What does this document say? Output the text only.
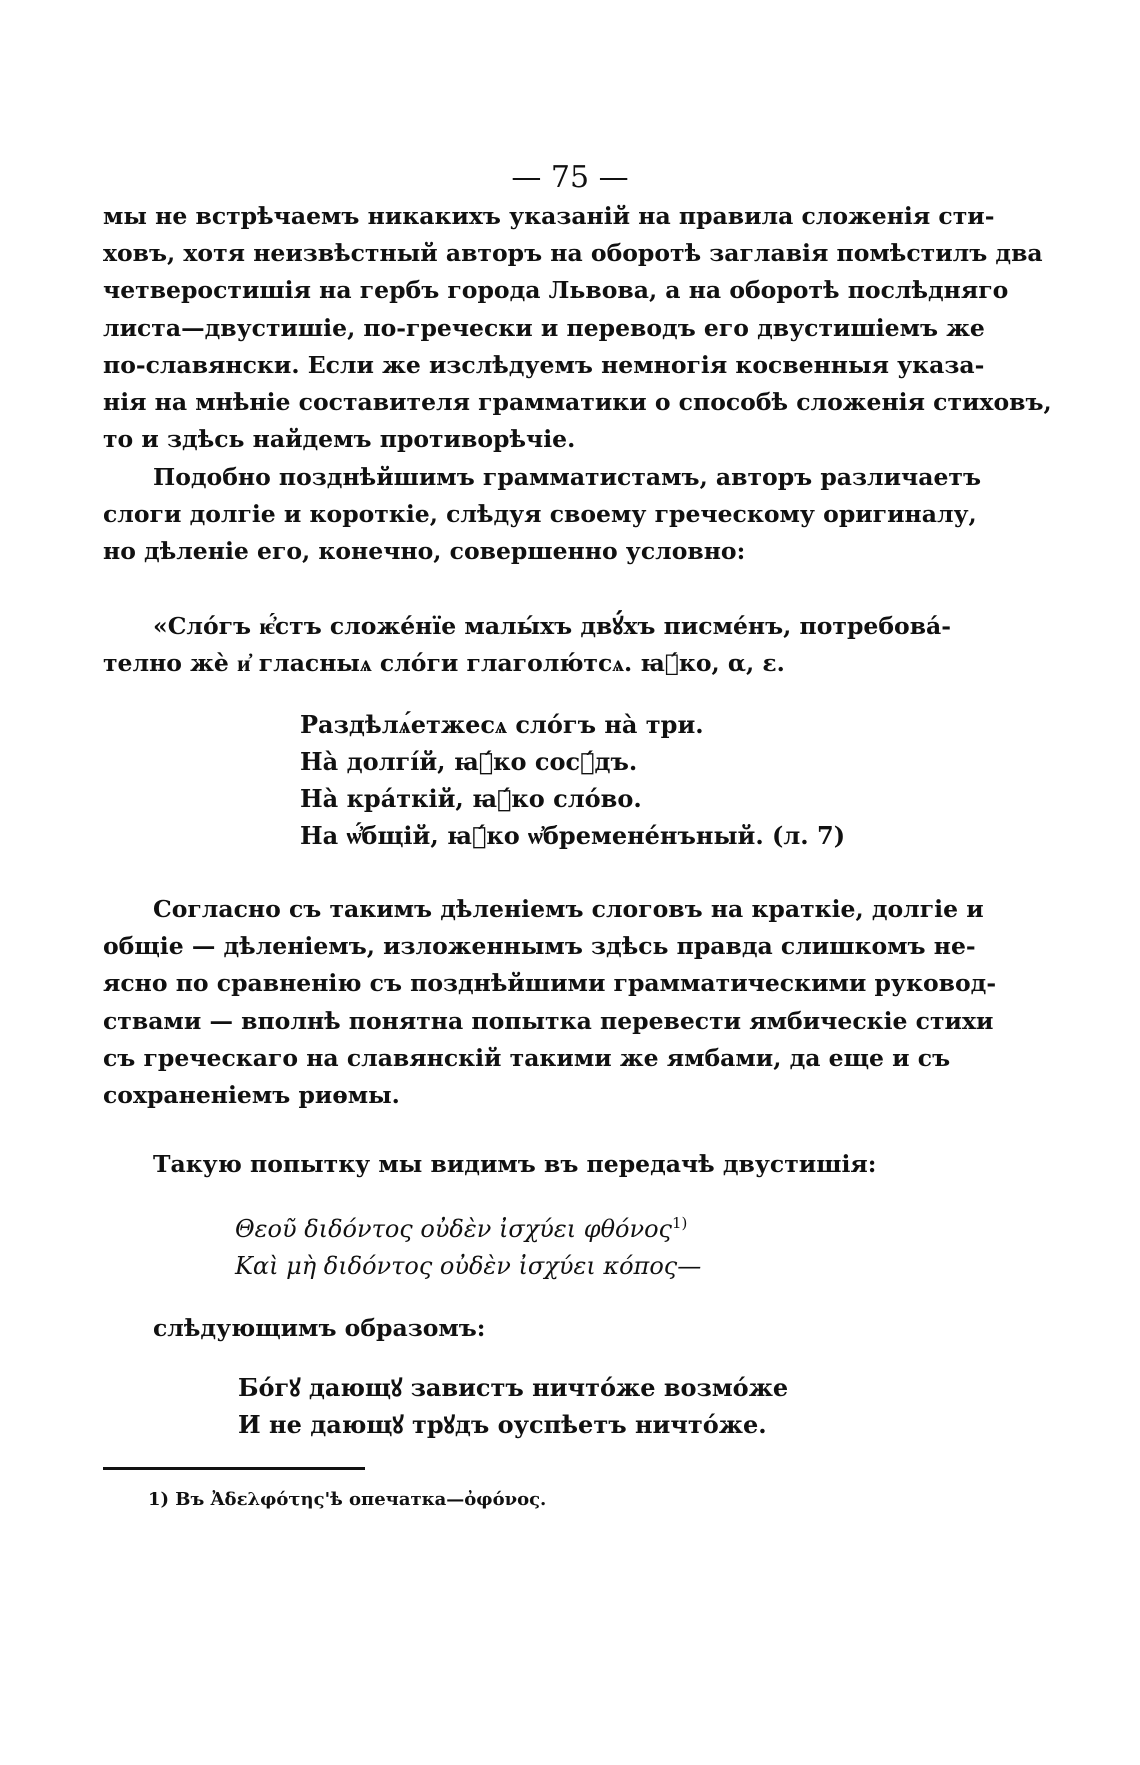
— 75 —
мы не встрѣчаемъ никакихъ указаній на правила сложенія сти-
ховъ, хотя неизвѣстный авторъ на оборотѣ заглавія помѣстилъ два
четверостишія на гербъ города Львова, а на оборотѣ послѣдняго
листа—двустишіе, по-гречески и переводъ его двустишіемъ же
по-славянски. Если же изслѣдуемъ немногія косвенныя указа-
нія на мнѣніе составителя грамматики о способѣ сложенія стиховъ,
то и здѣсь найдемъ противорѣчіе.
Подобно позднѣйшимъ грамматистамъ, авторъ различаетъ
слоги долгіе и короткіе, слѣдуя своему греческому оригиналу,
но дѣленіе его, конечно, совершенно условно:
«Слóгъ ѥ҆́стъ сложе́нїе малы́хъ двꙋ́хъ писме́нъ, потребова́-
телно жѐ и҆ гласныѧ слóги глаголю́тсѧ. ꙗ҆́ко, α, ε.
Раздѣлѧ́етжесѧ слóгъ на̀ три.
На̀ долгі́й, ꙗ҆́ко сосꙋ́дъ.
На̀ кра́ткій, ꙗ҆́ко слóво.
На ѡ҆́бщій, ꙗ҆́ко ѡ҆бремене́нъный. (л. 7)
Согласно съ такимъ дѣленіемъ слоговъ на краткіе, долгіе и
общіе — дѣленіемъ, изложеннымъ здѣсь правда слишкомъ не-
ясно по сравненію съ позднѣйшими грамматическими руковод-
ствами — вполнѣ понятна попытка перевести ямбическіе стихи
съ греческаго на славянскій такими же ямбами, да еще и съ
сохраненіемъ риѳмы.
Такую попытку мы видимъ въ передачѣ двустишія:
Θεοῦ διδόντος οὐδὲν ἰσχύει φθόνος$^{1)}$
Καὶ μὴ διδόντος οὐδὲν ἰσχύει κόπος—
слѣдующимъ образомъ:
Бо́гꙋ дающꙋ завистъ ничто́же возмо́же
И не дающꙋ трꙋдъ оуспѣетъ ничто́же.
1) Въ Ἀδελφότης'ѣ опечатка—ὀφόνος.
